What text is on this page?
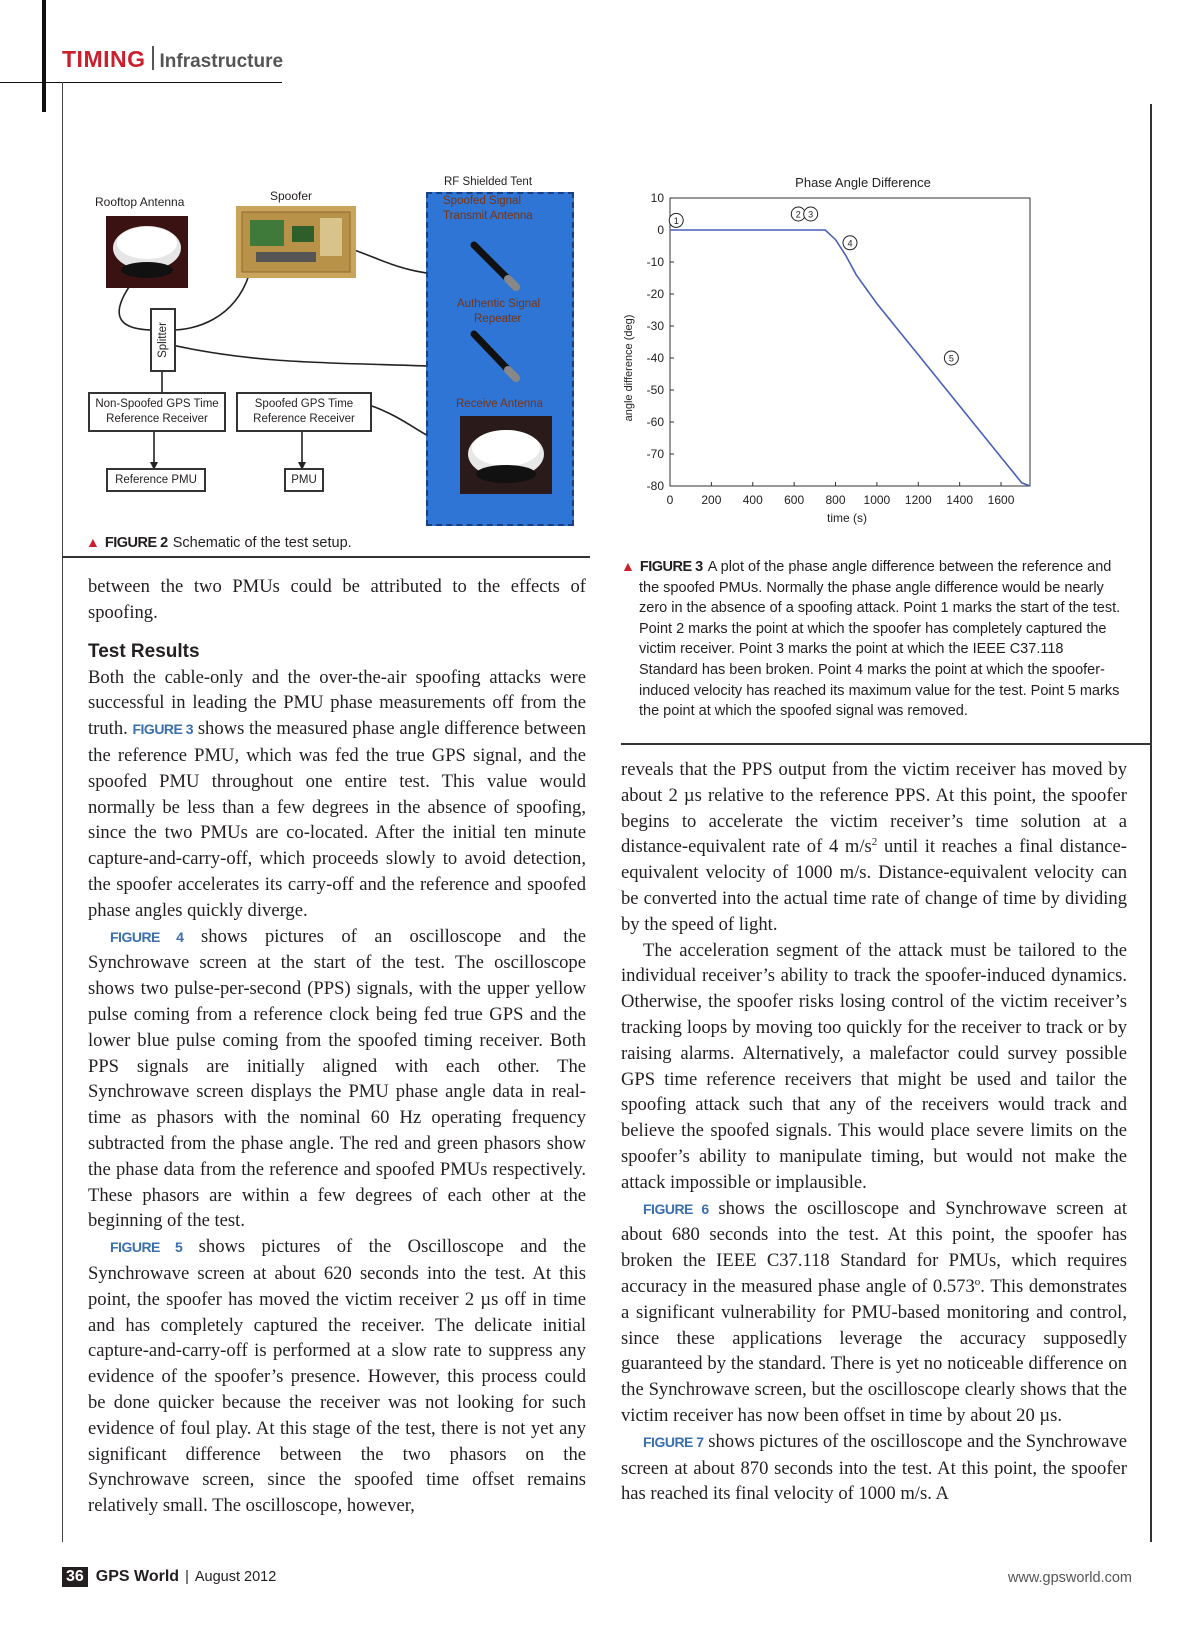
TIMING Infrastructure
RF Shielded Tent
Spoofed Signal
Transmit Antenna
Authentic Signal
Repeater
Receive Antenna
Rooftop Antenna	Spoofer
Splitter
Non-Spoofed GPS Time
Reference Receiver
Spoofed GPS Time
Reference Receiver
Reference PMU	PMU
▲ FIGURE 2 Schematic of the test setup.
Phase Angle Difference
angle difference (deg)
time (s)
10
0
-10
-20
-30
-40
-50
-60
-70
-80
0 200 400 600 800 1000 1200 1400 1600
1
2 3
4
5
▲ FIGURE 3 A plot of the phase angle difference between the reference and the spoofed PMUs. Normally the phase angle difference would be nearly zero in the absence of a spoofing attack. Point 1 marks the start of the test. Point 2 marks the point at which the spoofer has completely captured the victim receiver. Point 3 marks the point at which the IEEE C37.118 Standard has been broken. Point 4 marks the point at which the spoofer-induced velocity has reached its maximum value for the test. Point 5 marks the point at which the spoofed signal was removed.

between the two PMUs could be attributed to the effects of spoofing.

Test Results

Both the cable-only and the over-the-air spoofing attacks were successful in leading the PMU phase measurements off from the truth. FIGURE 3 shows the measured phase angle difference between the reference PMU, which was fed the true GPS signal, and the spoofed PMU throughout one entire test. This value would normally be less than a few degrees in the absence of spoofing, since the two PMUs are co-located. After the initial ten minute capture-and-carry-off, which proceeds slowly to avoid detection, the spoofer accelerates its carry-off and the reference and spoofed phase angles quickly diverge.

FIGURE 4 shows pictures of an oscilloscope and the Synchrowave screen at the start of the test. The oscilloscope shows two pulse-per-second (PPS) signals, with the upper yellow pulse coming from a reference clock being fed true GPS and the lower blue pulse coming from the spoofed timing receiver. Both PPS signals are initially aligned with each other. The Synchrowave screen displays the PMU phase angle data in real-time as phasors with the nominal 60 Hz operating frequency subtracted from the phase angle. The red and green phasors show the phase data from the reference and spoofed PMUs respectively. These phasors are within a few degrees of each other at the beginning of the test.

FIGURE 5 shows pictures of the Oscilloscope and the Synchrowave screen at about 620 seconds into the test. At this point, the spoofer has moved the victim receiver 2 µs off in time and has completely captured the receiver. The delicate initial capture-and-carry-off is performed at a slow rate to suppress any evidence of the spoofer’s presence. However, this process could be done quicker because the receiver was not looking for such evidence of foul play. At this stage of the test, there is not yet any significant difference between the two phasors on the Synchrowave screen, since the spoofed time offset remains relatively small. The oscilloscope, however,

reveals that the PPS output from the victim receiver has moved by about 2 µs relative to the reference PPS. At this point, the spoofer begins to accelerate the victim receiver’s time solution at a distance-equivalent rate of 4 $m/s^2$ until it reaches a final distance-equivalent velocity of 1000 m/s. Distance-equivalent velocity can be converted into the actual time rate of change of time by dividing by the speed of light.

The acceleration segment of the attack must be tailored to the individual receiver’s ability to track the spoofer-induced dynamics. Otherwise, the spoofer risks losing control of the victim receiver’s tracking loops by moving too quickly for the receiver to track or by raising alarms. Alternatively, a malefactor could survey possible GPS time reference receivers that might be used and tailor the spoofing attack such that any of the receivers would track and believe the spoofed signals. This would place severe limits on the spoofer’s ability to manipulate timing, but would not make the attack impossible or implausible.

FIGURE 6 shows the oscilloscope and Synchrowave screen at about 680 seconds into the test. At this point, the spoofer has broken the IEEE C37.118 Standard for PMUs, which requires accuracy in the measured phase angle of 0.573$^o$. This demonstrates a significant vulnerability for PMU-based monitoring and control, since these applications leverage the accuracy supposedly guaranteed by the standard. There is yet no noticeable difference on the Synchrowave screen, but the oscilloscope clearly shows that the victim receiver has now been offset in time by about 20 µs.

FIGURE 7 shows pictures of the oscilloscope and the Synchrowave screen at about 870 seconds into the test. At this point, the spoofer has reached its final velocity of 1000 m/s. A

36 GPS World | August 2012	www.gpsworld.com
